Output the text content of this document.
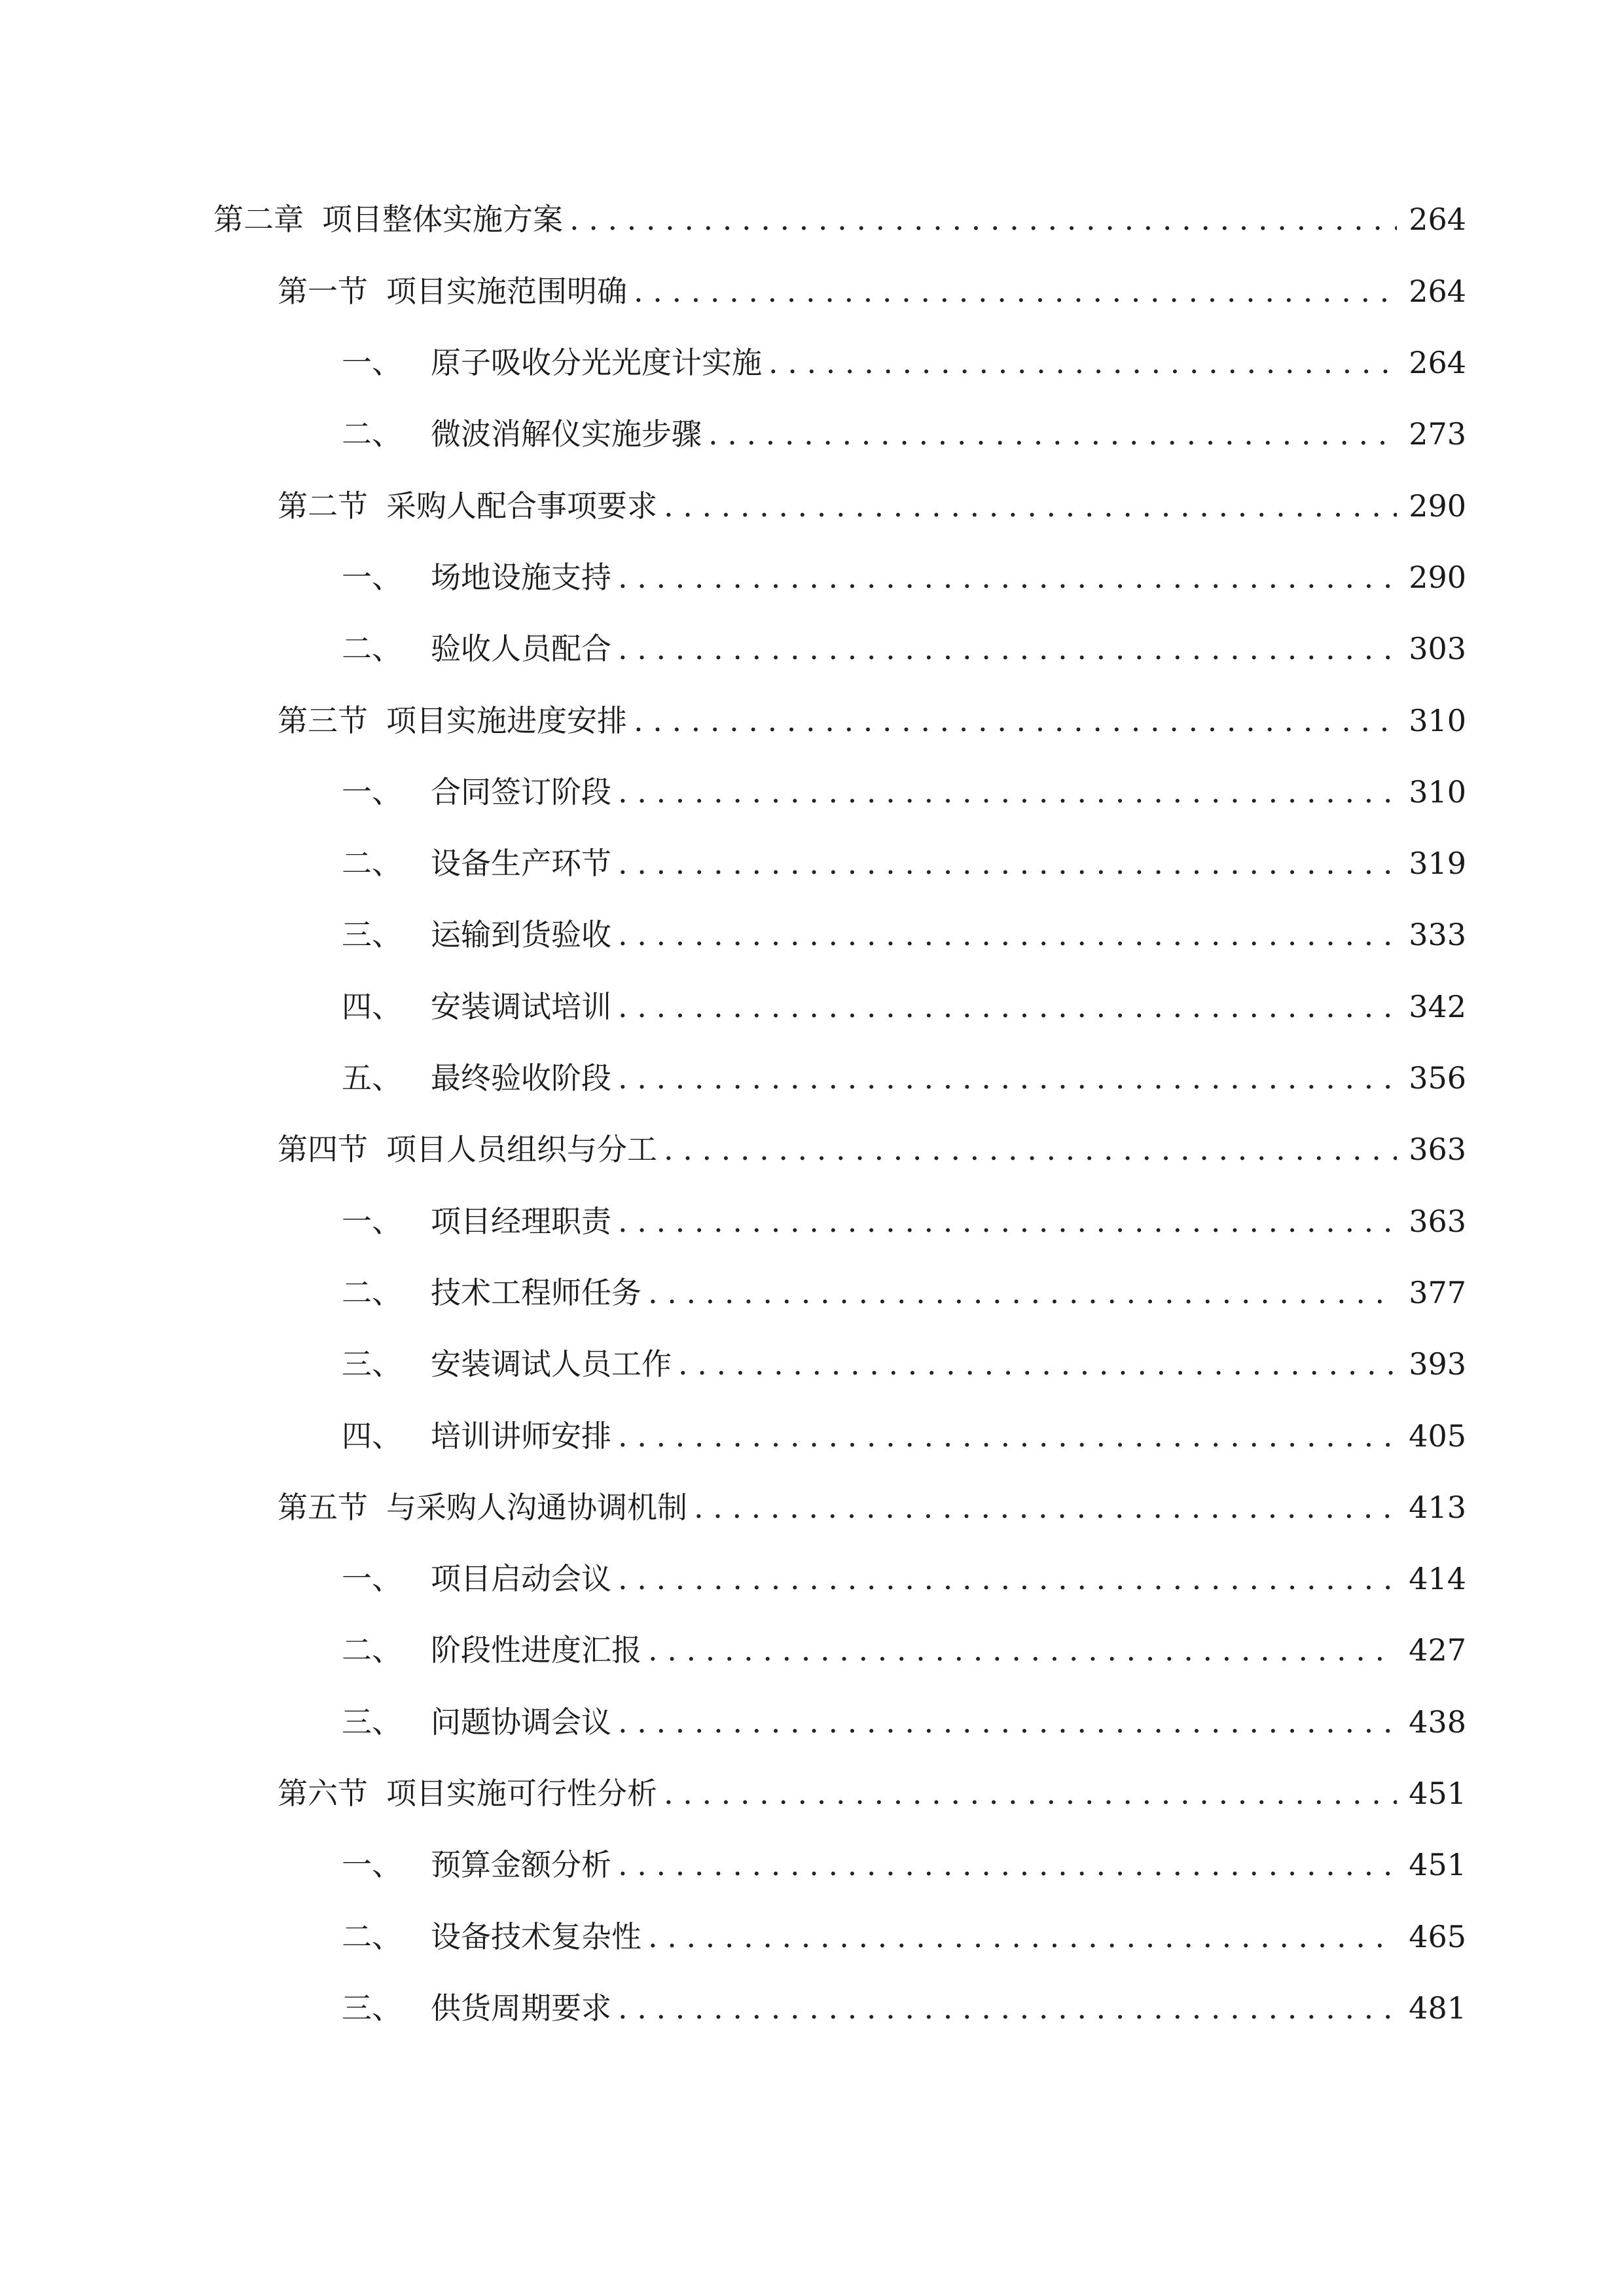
第二章 项目整体实施方案 .....	264
第一节 项目实施范围明确 .....	264
一、 原子吸收分光光度计实施 .....	264
二、 微波消解仪实施步骤 .....	273
第二节 采购人配合事项要求 .....	290
一、 场地设施支持 .....	290
二、 验收人员配合 .....	303
第三节 项目实施进度安排 .....	310
一、 合同签订阶段 .....	310
二、 设备生产环节 .....	319
三、 运输到货验收 .....	333
四、 安装调试培训 .....	342
五、 最终验收阶段 .....	356
第四节 项目人员组织与分工 .....	363
一、 项目经理职责 .....	363
二、 技术工程师任务 .....	377
三、 安装调试人员工作 .....	393
四、 培训讲师安排 .....	405
第五节 与采购人沟通协调机制 .....	413
一、 项目启动会议 .....	414
二、 阶段性进度汇报 .....	427
三、 问题协调会议 .....	438
第六节 项目实施可行性分析 .....	451
一、 预算金额分析 .....	451
二、 设备技术复杂性 .....	465
三、 供货周期要求 .....	481
